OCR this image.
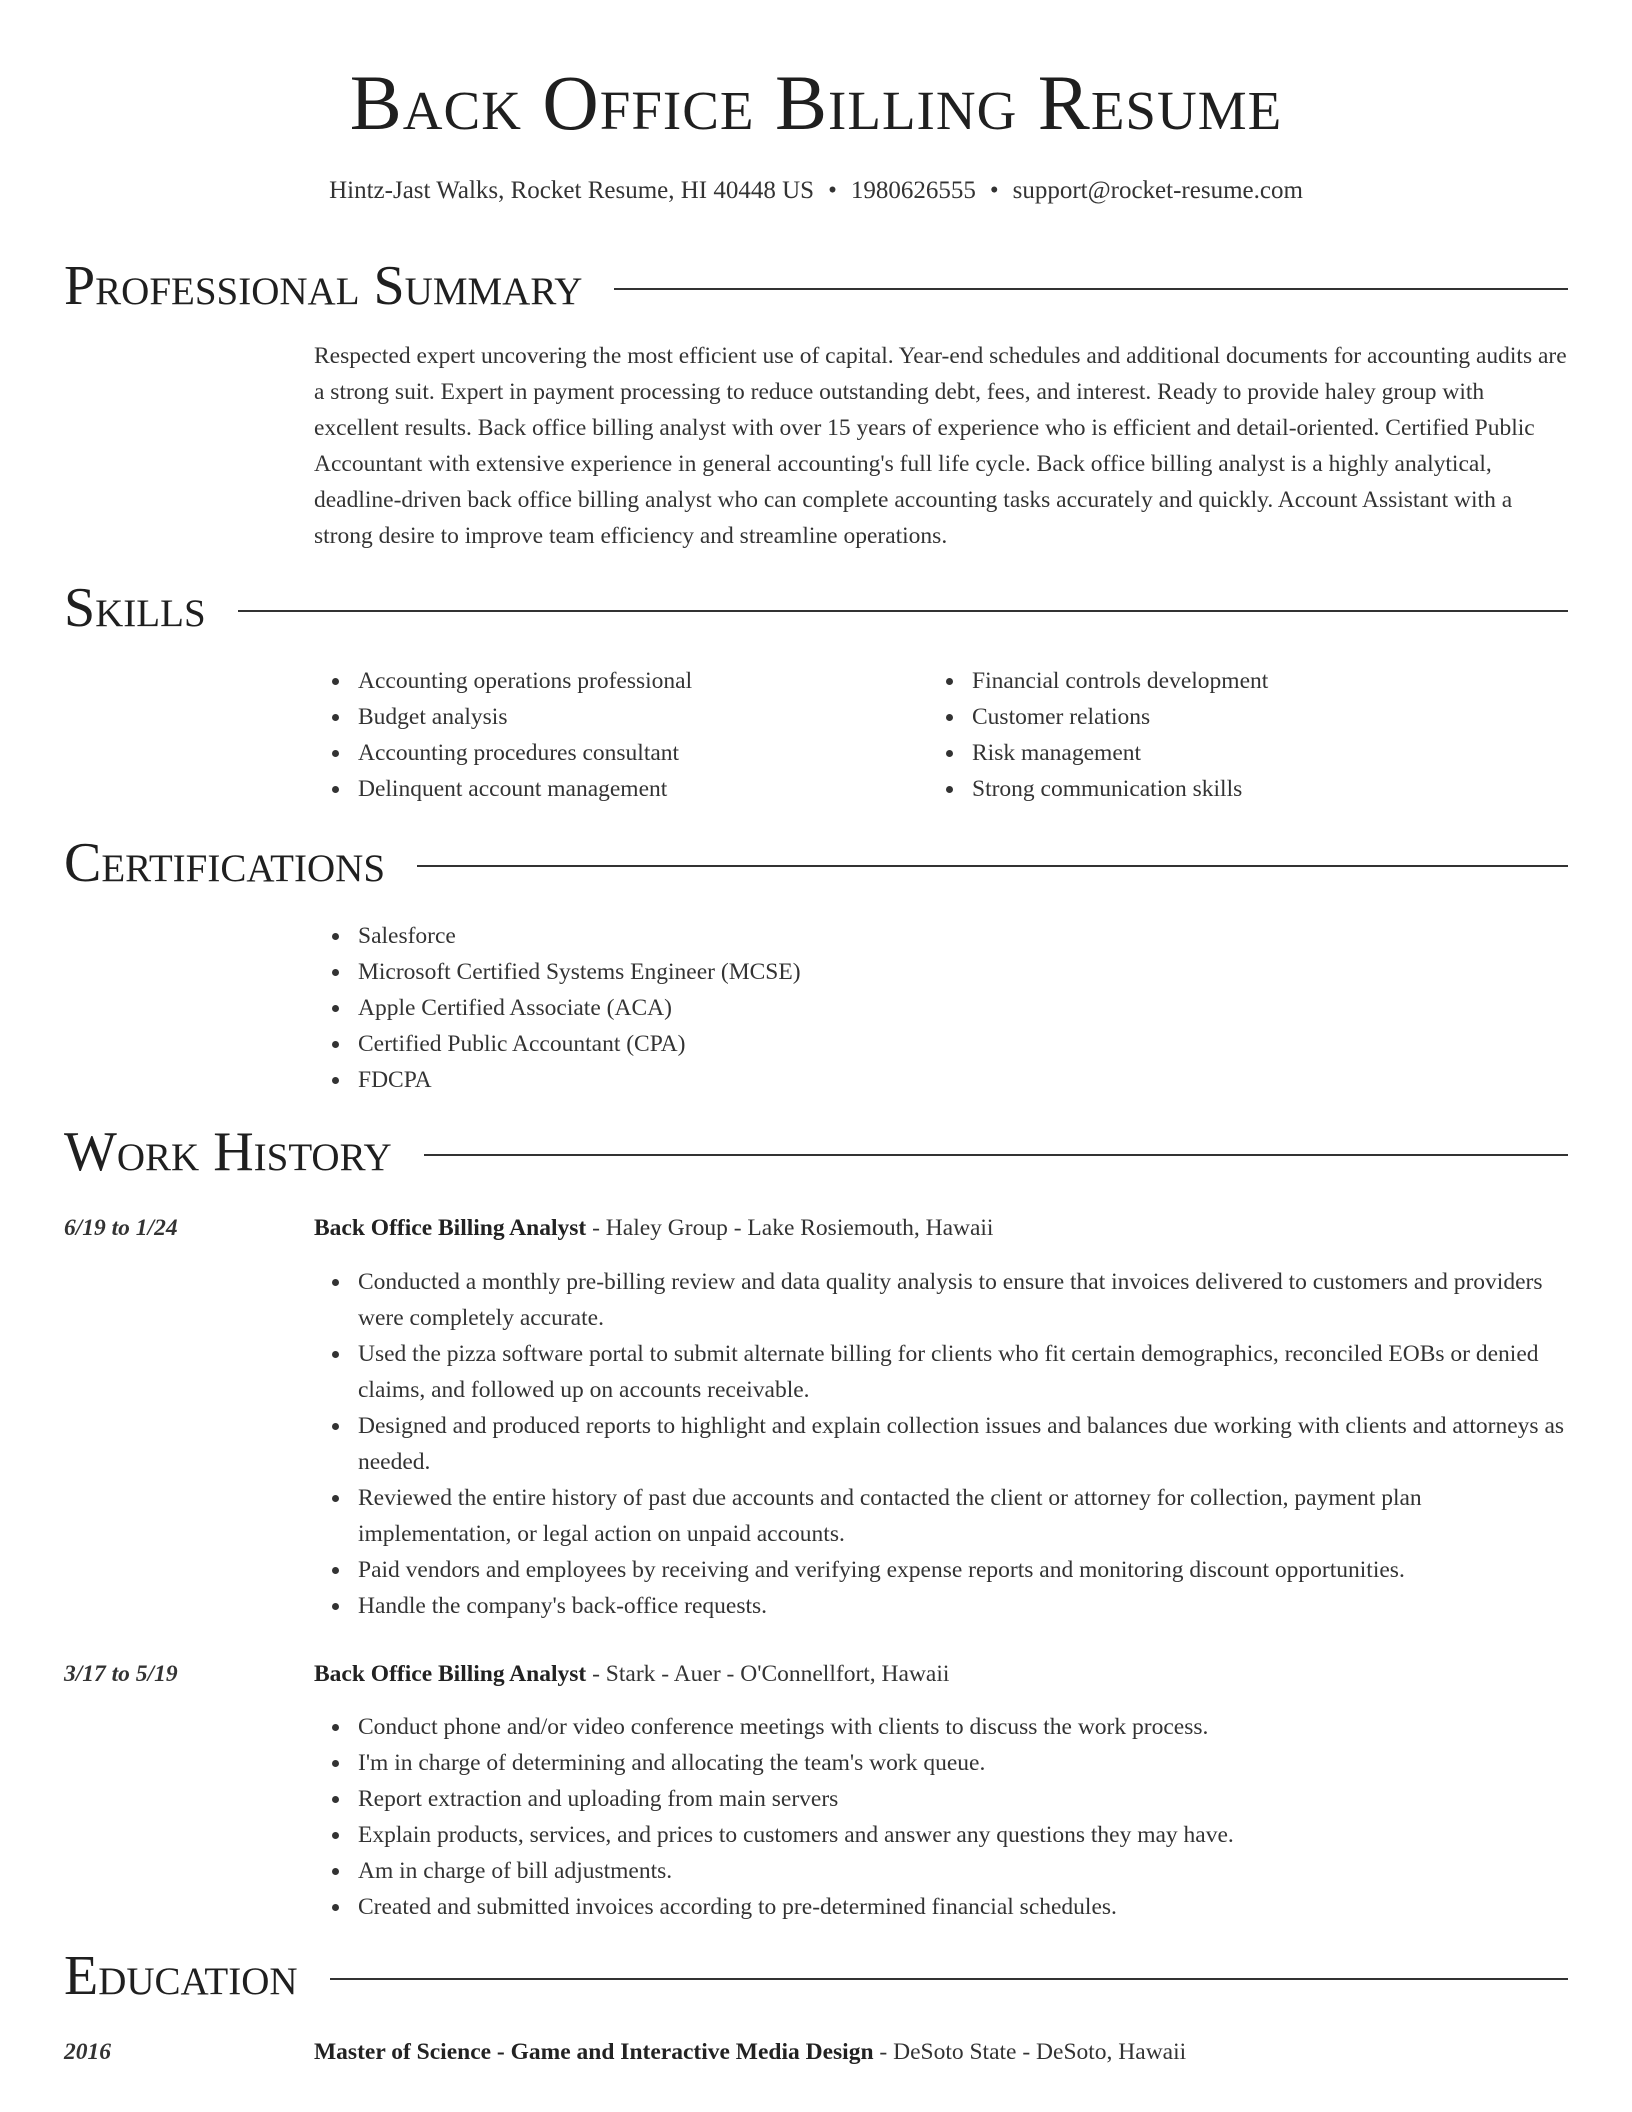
Back Office Billing Resume
Hintz-Jast Walks, Rocket Resume, HI 40448 US • 1980626555 • support@rocket-resume.com
Professional Summary

Respected expert uncovering the most efficient use of capital. Year-end schedules and additional documents for accounting audits are a strong suit. Expert in payment processing to reduce outstanding debt, fees, and interest. Ready to provide haley group with excellent results. Back office billing analyst with over 15 years of experience who is efficient and detail-oriented. Certified Public Accountant with extensive experience in general accounting's full life cycle. Back office billing analyst is a highly analytical, deadline-driven back office billing analyst who can complete accounting tasks accurately and quickly. Account Assistant with a strong desire to improve team efficiency and streamline operations.

Skills
Accounting operations professional
Budget analysis
Accounting procedures consultant
Delinquent account management
Financial controls development
Customer relations
Risk management
Strong communication skills
Certifications
Salesforce
Microsoft Certified Systems Engineer (MCSE)
Apple Certified Associate (ACA)
Certified Public Accountant (CPA)
FDCPA
Work History
6/19 to 1/24	Back Office Billing Analyst - Haley Group - Lake Rosiemouth, Hawaii
Conducted a monthly pre-billing review and data quality analysis to ensure that invoices delivered to customers and providers were completely accurate.
Used the pizza software portal to submit alternate billing for clients who fit certain demographics, reconciled EOBs or denied claims, and followed up on accounts receivable.
Designed and produced reports to highlight and explain collection issues and balances due working with clients and attorneys as needed.
Reviewed the entire history of past due accounts and contacted the client or attorney for collection, payment plan implementation, or legal action on unpaid accounts.
Paid vendors and employees by receiving and verifying expense reports and monitoring discount opportunities.
Handle the company's back-office requests.
3/17 to 5/19	Back Office Billing Analyst - Stark - Auer - O'Connellfort, Hawaii
Conduct phone and/or video conference meetings with clients to discuss the work process.
I'm in charge of determining and allocating the team's work queue.
Report extraction and uploading from main servers
Explain products, services, and prices to customers and answer any questions they may have.
Am in charge of bill adjustments.
Created and submitted invoices according to pre-determined financial schedules.
Education
2016	Master of Science - Game and Interactive Media Design - DeSoto State - DeSoto, Hawaii
